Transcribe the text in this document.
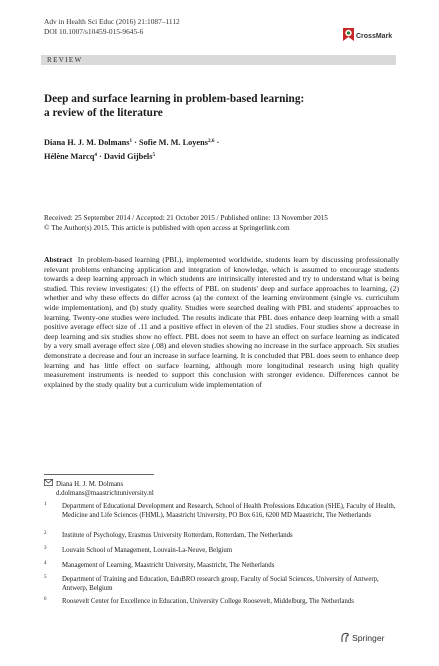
Adv in Health Sci Educ (2016) 21:1087–1112
DOI 10.1007/s10459-015-9645-6
CrossMark
REVIEW
Deep and surface learning in problem-based learning:
a review of the literature
Diana H. J. M. Dolmans$^1$ · Sofie M. M. Loyens$^{2,6}$ ·
Hélène Marcq$^4$ · David Gijbels$^5$
Received: 25 September 2014 / Accepted: 21 October 2015 / Published online: 13 November 2015
© The Author(s) 2015. This article is published with open access at Springerlink.com
Abstract In problem-based learning (PBL), implemented worldwide, students learn by discussing professionally relevant problems enhancing application and integration of knowledge, which is assumed to encourage students towards a deep learning approach in which students are intrinsically interested and try to understand what is being studied. This review investigates: (1) the effects of PBL on students' deep and surface approaches to learning, (2) whether and why these effects do differ across (a) the context of the learning environment (single vs. curriculum wide implementation), and (b) study quality. Studies were searched dealing with PBL and students' approaches to learning. Twenty-one studies were included. The results indicate that PBL does enhance deep learning with a small positive average effect size of .11 and a positive effect in eleven of the 21 studies. Four studies show a decrease in deep learning and six studies show no effect. PBL does not seem to have an effect on surface learning as indicated by a very small average effect size (.08) and eleven studies showing no increase in the surface approach. Six studies demonstrate a decrease and four an increase in surface learning. It is concluded that PBL does seem to enhance deep learning and has little effect on surface learning, although more longitudinal research using high quality measurement instruments is needed to support this conclusion with stronger evidence. Differences cannot be explained by the study quality but a curriculum wide implementation of
Diana H. J. M. Dolmans
d.dolmans@maastrichtuniversity.nl
1 Department of Educational Development and Research, School of Health Professions Education (SHE), Faculty of Health, Medicine and Life Sciences (FHML), Maastricht University, PO Box 616, 6200 MD Maastricht, The Netherlands
2 Institute of Psychology, Erasmus University Rotterdam, Rotterdam, The Netherlands
3 Louvain School of Management, Louvain-La-Neuve, Belgium
4 Management of Learning, Maastricht University, Maastricht, The Netherlands
5 Department of Training and Education, EduBRO research group, Faculty of Social Sciences, University of Antwerp, Antwerp, Belgium
6 Roosevelt Center for Excellence in Education, University College Roosevelt, Middelburg, The Netherlands
Springer
